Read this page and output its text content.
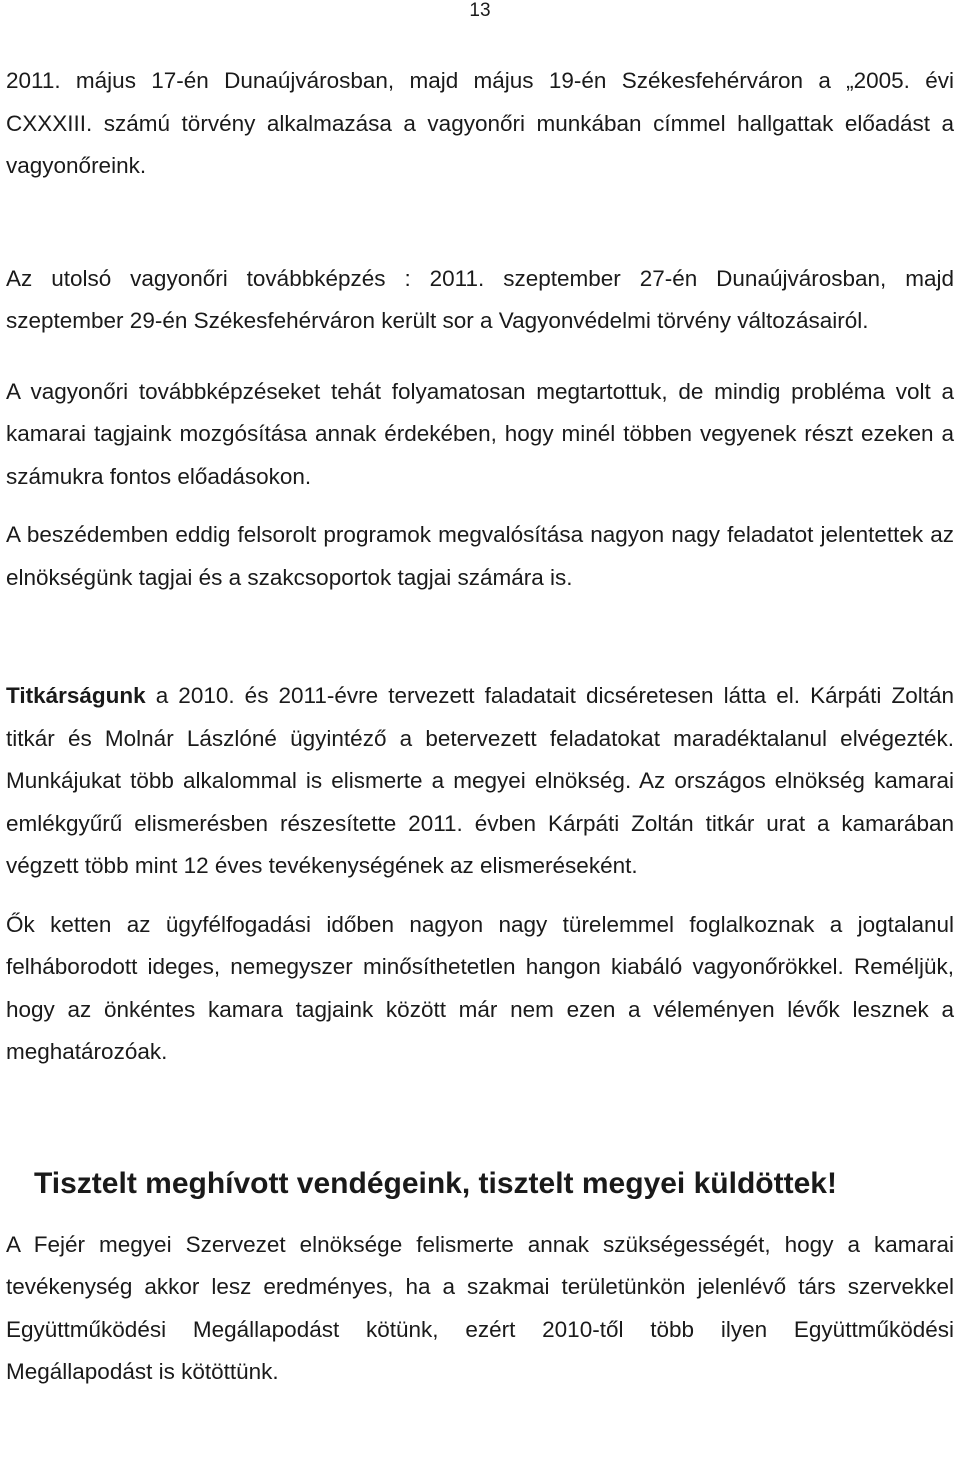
13

2011. május 17-én Dunaújvárosban, majd május 19-én Székesfehérváron a „2005. évi CXXXIII. számú törvény alkalmazása a vagyonőri munkában címmel hallgattak előadást a vagyonőreink.

Az utolsó vagyonőri továbbképzés : 2011. szeptember 27-én Dunaújvárosban, majd szeptember 29-én Székesfehérváron került sor a Vagyonvédelmi törvény változásairól.

A vagyonőri továbbképzéseket tehát folyamatosan megtartottuk, de mindig probléma volt a kamarai tagjaink mozgósítása annak érdekében, hogy minél többen vegyenek részt ezeken a számukra fontos előadásokon.

A beszédemben eddig felsorolt programok megvalósítása nagyon nagy feladatot jelentettek az elnökségünk tagjai és a szakcsoportok tagjai számára is.

Titkárságunk a 2010. és 2011-évre tervezett faladatait dicséretesen látta el. Kárpáti Zoltán titkár és Molnár Lászlóné ügyintéző a betervezett feladatokat maradéktalanul elvégezték. Munkájukat több alkalommal is elismerte a megyei elnökség. Az országos elnökség kamarai emlékgyűrű elismerésben részesítette 2011. évben Kárpáti Zoltán titkár urat a kamarában végzett több mint 12 éves tevékenységének az elismeréseként.

Ők ketten az ügyfélfogadási időben nagyon nagy türelemmel foglalkoznak a jogtalanul felháborodott ideges, nemegyszer minősíthetetlen hangon kiabáló vagyonőrökkel. Reméljük, hogy az önkéntes kamara tagjaink között már nem ezen a véleményen lévők lesznek a meghatározóak.

Tisztelt meghívott vendégeink, tisztelt megyei küldöttek!

A Fejér megyei Szervezet elnöksége felismerte annak szükségességét, hogy a kamarai tevékenység akkor lesz eredményes, ha a szakmai területünkön jelenlévő társ szervekkel Együttműködési Megállapodást kötünk, ezért 2010-től több ilyen Együttműködési Megállapodást is kötöttünk.
